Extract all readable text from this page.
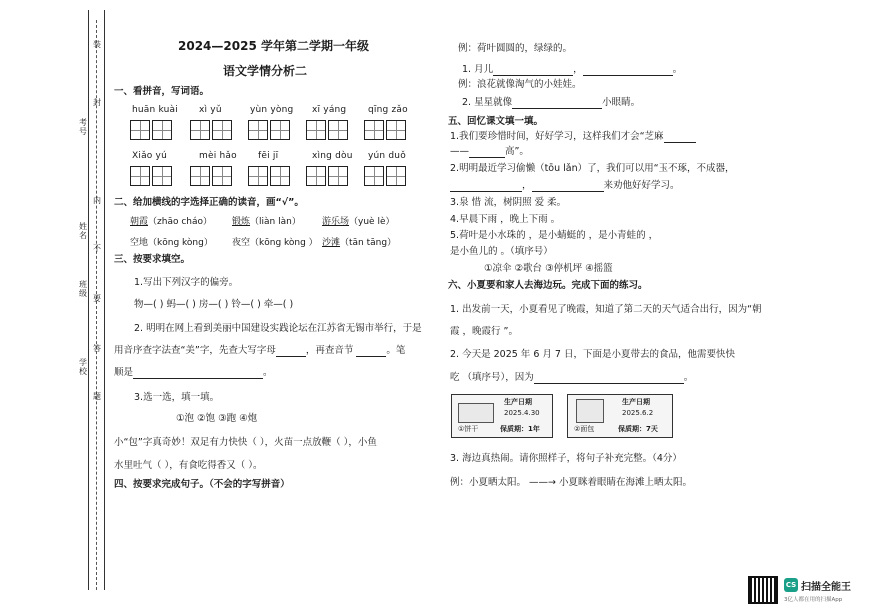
考号
姓名
班级
学校
装
封
内
不
要
答
题
2024—2025 学年第二学期一年级
语文学情分析二
一、看拼音，写词语。
huān kuài xì yǔ	yùn yòng xī yáng qīng zǎo
Xiǎo yú	mèi hǎo fēi jī	xìng dòu yún duǒ
二、给加横线的字选择正确的读音，画“√”。
朝霞（zhāo cháo） 锻炼（liàn làn） 游乐场（yuè lè）
空地（kōng kòng） 夜空（kōng kòng ） 沙滩（tān tāng）
三、按要求填空。
1.写出下列汉字的偏旁。
物—( ) 蚂—( ) 房—( ) 铃—( ) 牵—( )
2. 明明在网上看到美丽中国建设实践论坛在江苏省无锡市举行，于是
用音序查字法查“美”字，先查大写字母	，再查音节	。笔
顺是	。
3.选一选，填一填。
①泡 ②饱 ③跑 ④炮
小“包”字真奇妙！双足有力快快（ ），火苗一点放鞭（ ），小鱼
水里吐气（ ），有食吃得香又（ ）。
四、按要求完成句子。（不会的字写拼音）
例：荷叶圆圆的，绿绿的。
1. 月儿	，	。
例：浪花就像淘气的小娃娃。
2. 星星就像	小眼睛。
五、回忆课文填一填。
1.我们要珍惜时间，好好学习，这样我们才会“芝麻
——	高”。
2.明明最近学习偷懒（tōu lǎn）了，我们可以用“玉不琢，不成器，
，	来劝他好好学习。
3.泉 惜 流，树阴照 爱 柔。
4.早晨下雨 ，晚上下雨 。
5.荷叶是小水珠的 ，是小蜻蜓的 ，是小青蛙的 ，
是小鱼儿的 。（填序号）
①凉伞 ②歌台 ③停机坪 ④摇篮
六、小夏要和家人去海边玩。完成下面的练习。
1. 出发前一天，小夏看见了晚霞，知道了第二天的天气适合出行，因为“朝
霞 ，晚霞行 ”。
2. 今天是 2025 年 6 月 7 日，下面是小夏带去的食品，他需要快快
吃 （填序号），因为	。
生产日期
2025.4.30
保质期：1年
①饼干
生产日期
2025.6.2
保质期：7天
②面包
3. 海边真热闹。请你照样子，将句子补充完整。（4分）
例：小夏晒太阳。 ——→ 小夏眯着眼睛在海滩上晒太阳。
CS 扫描全能王
3亿人都在用的扫描App
